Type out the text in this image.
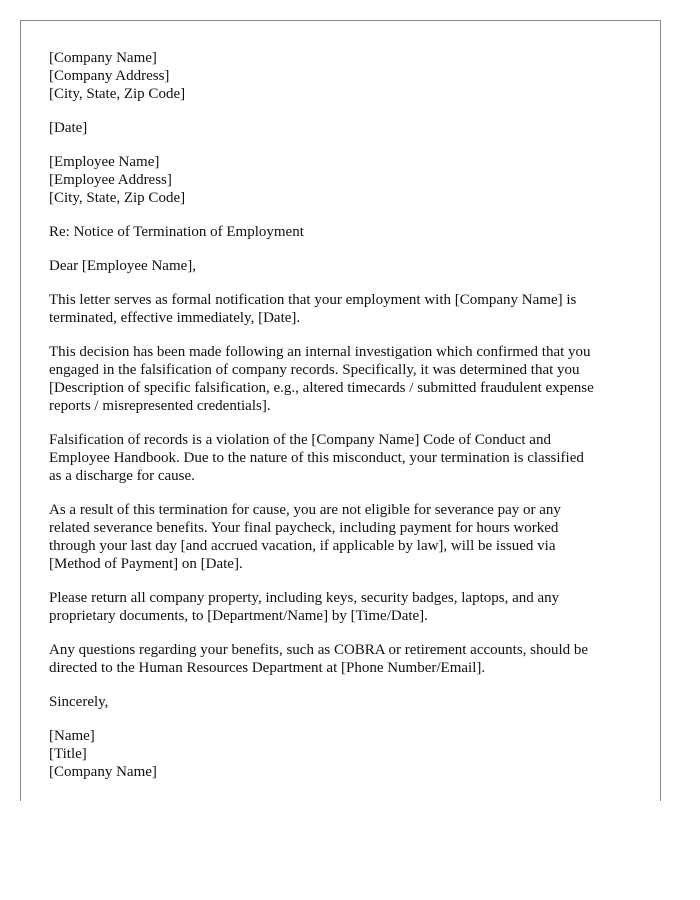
[Company Name]
[Company Address]
[City, State, Zip Code]
[Date]
[Employee Name]
[Employee Address]
[City, State, Zip Code]
Re: Notice of Termination of Employment
Dear [Employee Name],
This letter serves as formal notification that your employment with [Company Name] is
terminated, effective immediately, [Date].
This decision has been made following an internal investigation which confirmed that you
engaged in the falsification of company records. Specifically, it was determined that you
[Description of specific falsification, e.g., altered timecards / submitted fraudulent expense
reports / misrepresented credentials].
Falsification of records is a violation of the [Company Name] Code of Conduct and
Employee Handbook. Due to the nature of this misconduct, your termination is classified
as a discharge for cause.
As a result of this termination for cause, you are not eligible for severance pay or any
related severance benefits. Your final paycheck, including payment for hours worked
through your last day [and accrued vacation, if applicable by law], will be issued via
[Method of Payment] on [Date].
Please return all company property, including keys, security badges, laptops, and any
proprietary documents, to [Department/Name] by [Time/Date].
Any questions regarding your benefits, such as COBRA or retirement accounts, should be
directed to the Human Resources Department at [Phone Number/Email].
Sincerely,
[Name]
[Title]
[Company Name]
